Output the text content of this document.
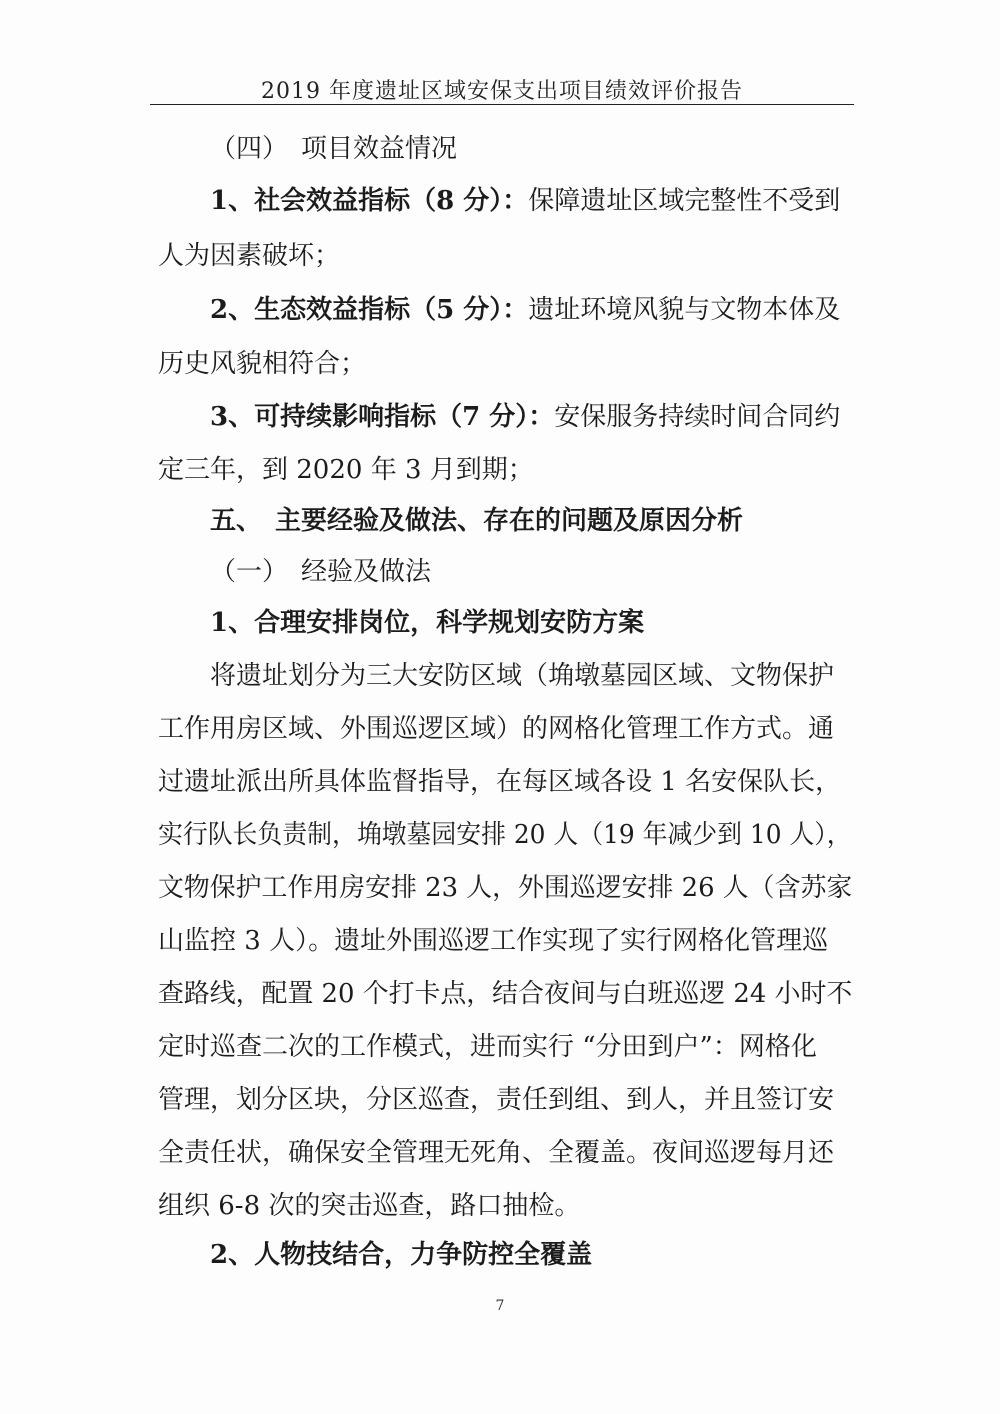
2019 年度遗址区域安保支出项目绩效评价报告
（四）　项目效益情况
1、社会效益指标（8 分）：保障遗址区域完整性不受到
人为因素破坏；
2、生态效益指标（5 分）：遗址环境风貌与文物本体及
历史风貌相符合；
3、可持续影响指标（7 分）：安保服务持续时间合同约
定三年，到 2020 年 3 月到期；
五、　主要经验及做法、存在的问题及原因分析
（一）　经验及做法
1、合理安排岗位，科学规划安防方案
将遗址划分为三大安防区域（埆墩墓园区域、文物保护
工作用房区域、外围巡逻区域）的网格化管理工作方式。通
过遗址派出所具体监督指导，在每区域各设 1 名安保队长，
实行队长负责制，埆墩墓园安排 20 人（19 年减少到 10 人），
文物保护工作用房安排 23 人，外围巡逻安排 26 人（含苏家
山监控 3 人）。遗址外围巡逻工作实现了实行网格化管理巡
查路线，配置 20 个打卡点，结合夜间与白班巡逻 24 小时不
定时巡查二次的工作模式，进而实行 “分田到户”：网格化
管理，划分区块，分区巡查，责任到组、到人，并且签订安
全责任状，确保安全管理无死角、全覆盖。夜间巡逻每月还
组织 6-8 次的突击巡查，路口抽检。
2、人物技结合，力争防控全覆盖
7
